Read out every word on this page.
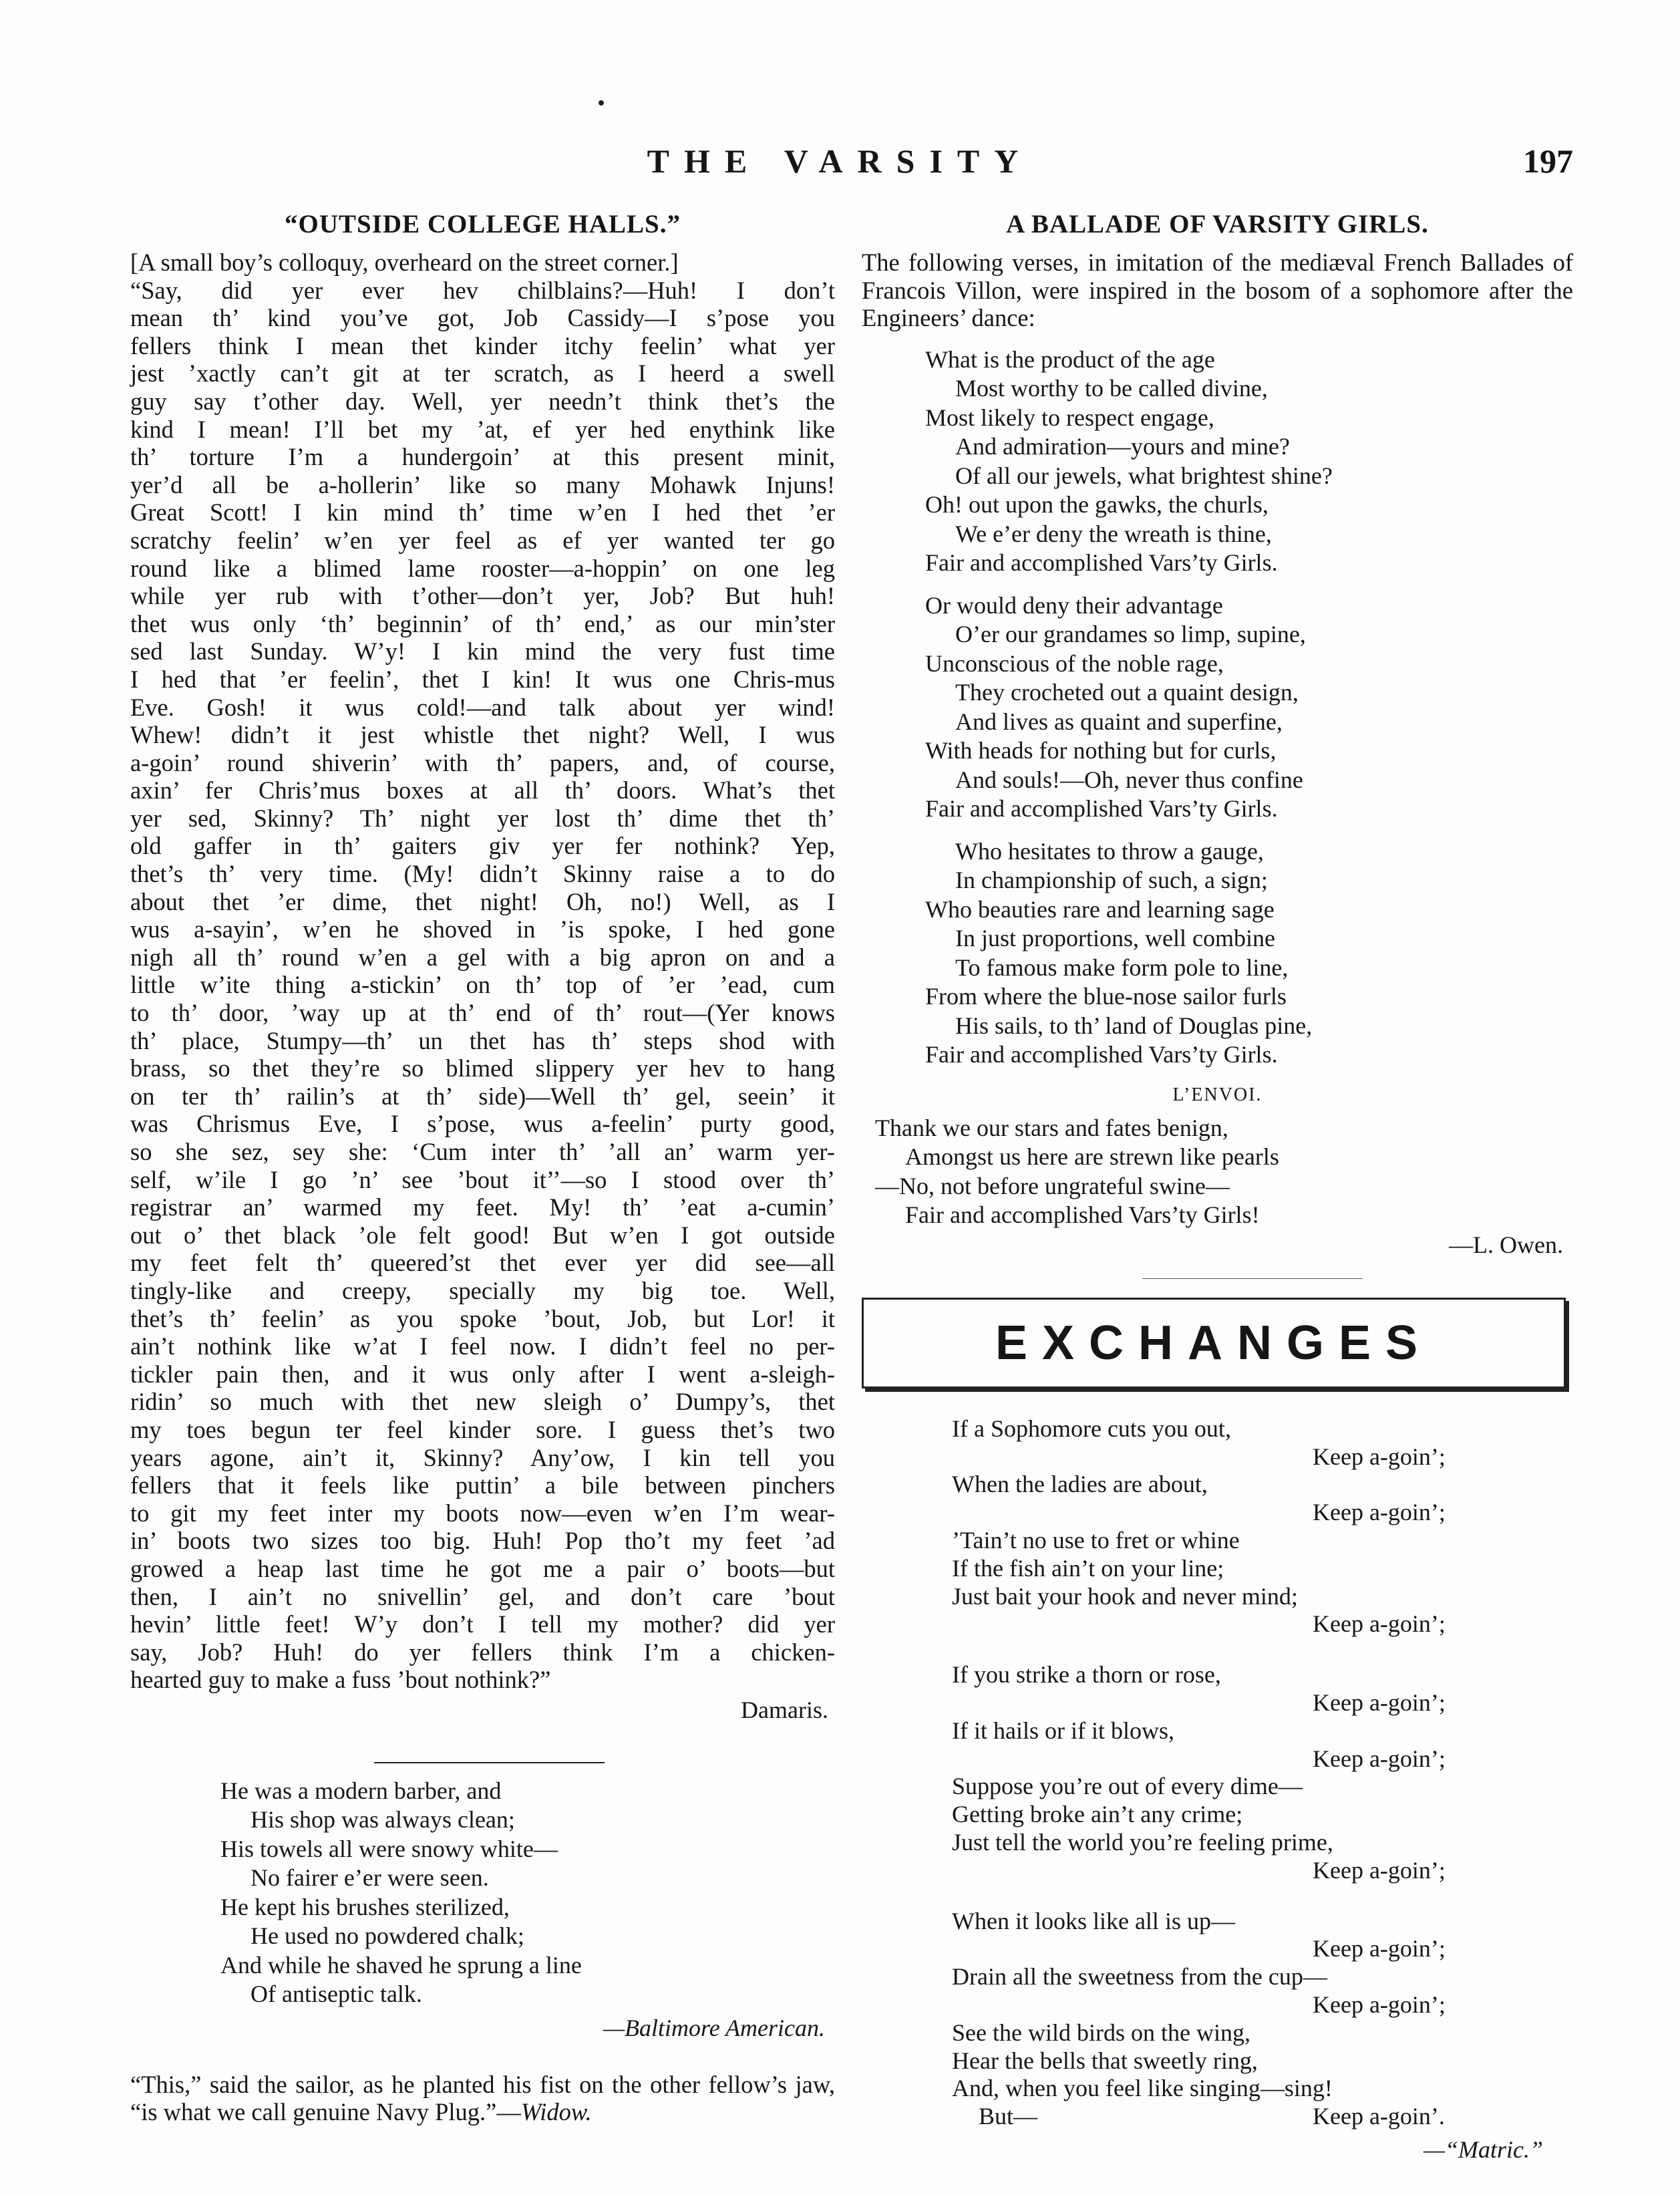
THE VARSITY	197
“OUTSIDE COLLEGE HALLS.”
[A small boy’s colloquy, overheard on the street corner.]
“Say, did yer ever hev chilblains?—Huh! I don’t
mean th’ kind you’ve got, Job Cassidy—I s’pose you
fellers think I mean thet kinder itchy feelin’ what yer
jest ’xactly can’t git at ter scratch, as I heerd a swell
guy say t’other day. Well, yer needn’t think thet’s the
kind I mean! I’ll bet my ’at, ef yer hed enythink like
th’ torture I’m a hundergoin’ at this present minit,
yer’d all be a-hollerin’ like so many Mohawk Injuns!
Great Scott! I kin mind th’ time w’en I hed thet ’er
scratchy feelin’ w’en yer feel as ef yer wanted ter go
round like a blimed lame rooster—a-hoppin’ on one leg
while yer rub with t’other—don’t yer, Job? But huh!
thet wus only ‘th’ beginnin’ of th’ end,’ as our min’ster
sed last Sunday. W’y! I kin mind the very fust time
I hed that ’er feelin’, thet I kin! It wus one Chris-mus
Eve. Gosh! it wus cold!—and talk about yer wind!
Whew! didn’t it jest whistle thet night? Well, I wus
a-goin’ round shiverin’ with th’ papers, and, of course,
axin’ fer Chris’mus boxes at all th’ doors. What’s thet
yer sed, Skinny? Th’ night yer lost th’ dime thet th’
old gaffer in th’ gaiters giv yer fer nothink? Yep,
thet’s th’ very time. (My! didn’t Skinny raise a to do
about thet ’er dime, thet night! Oh, no!) Well, as I
wus a-sayin’, w’en he shoved in ’is spoke, I hed gone
nigh all th’ round w’en a gel with a big apron on and a
little w’ite thing a-stickin’ on th’ top of ’er ’ead, cum
to th’ door, ’way up at th’ end of th’ rout—(Yer knows
th’ place, Stumpy—th’ un thet has th’ steps shod with
brass, so thet they’re so blimed slippery yer hev to hang
on ter th’ railin’s at th’ side)—Well th’ gel, seein’ it
was Chrismus Eve, I s’pose, wus a-feelin’ purty good,
so she sez, sey she: ‘Cum inter th’ ’all an’ warm yer-
self, w’ile I go ’n’ see ’bout it’’—so I stood over th’
registrar an’ warmed my feet. My! th’ ’eat a-cumin’
out o’ thet black ’ole felt good! But w’en I got outside
my feet felt th’ queered’st thet ever yer did see—all
tingly-like and creepy, specially my big toe. Well,
thet’s th’ feelin’ as you spoke ’bout, Job, but Lor! it
ain’t nothink like w’at I feel now. I didn’t feel no per-
tickler pain then, and it wus only after I went a-sleigh-
ridin’ so much with thet new sleigh o’ Dumpy’s, thet
my toes begun ter feel kinder sore. I guess thet’s two
years agone, ain’t it, Skinny? Any’ow, I kin tell you
fellers that it feels like puttin’ a bile between pinchers
to git my feet inter my boots now—even w’en I’m wear-
in’ boots two sizes too big. Huh! Pop tho’t my feet ’ad
growed a heap last time he got me a pair o’ boots—but
then, I ain’t no snivellin’ gel, and don’t care ’bout
hevin’ little feet! W’y don’t I tell my mother? did yer
say, Job? Huh! do yer fellers think I’m a chicken-
hearted guy to make a fuss ’bout nothink?”
Damaris.
He was a modern barber, and
His shop was always clean;
His towels all were snowy white—
No fairer e’er were seen.
He kept his brushes sterilized,
He used no powdered chalk;
And while he shaved he sprung a line
Of antiseptic talk.
—Baltimore American.
“This,” said the sailor, as he planted his fist on the other fellow’s jaw, “is what we call genuine Navy Plug.”—Widow.
A BALLADE OF VARSITY GIRLS.

The following verses, in imitation of the mediæval French Ballades of Francois Villon, were inspired in the bosom of a sophomore after the Engineers’ dance:

What is the product of the age
Most worthy to be called divine,
Most likely to respect engage,
And admiration—yours and mine?
Of all our jewels, what brightest shine?
Oh! out upon the gawks, the churls,
We e’er deny the wreath is thine,
Fair and accomplished Vars’ty Girls.
Or would deny their advantage
O’er our grandames so limp, supine,
Unconscious of the noble rage,
They crocheted out a quaint design,
And lives as quaint and superfine,
With heads for nothing but for curls,
And souls!—Oh, never thus confine
Fair and accomplished Vars’ty Girls.
Who hesitates to throw a gauge,
In championship of such, a sign;
Who beauties rare and learning sage
In just proportions, well combine
To famous make form pole to line,
From where the blue-nose sailor furls
His sails, to th’ land of Douglas pine,
Fair and accomplished Vars’ty Girls.
L’ENVOI.
Thank we our stars and fates benign,
Amongst us here are strewn like pearls
—No, not before ungrateful swine—
Fair and accomplished Vars’ty Girls!
—L. Owen.
EXCHANGES
If a Sophomore cuts you out,
Keep a-goin’;
When the ladies are about,
Keep a-goin’;
’Tain’t no use to fret or whine
If the fish ain’t on your line;
Just bait your hook and never mind;
Keep a-goin’;
If you strike a thorn or rose,
Keep a-goin’;
If it hails or if it blows,
Keep a-goin’;
Suppose you’re out of every dime—
Getting broke ain’t any crime;
Just tell the world you’re feeling prime,
Keep a-goin’;
When it looks like all is up—
Keep a-goin’;
Drain all the sweetness from the cup—
Keep a-goin’;
See the wild birds on the wing,
Hear the bells that sweetly ring,
And, when you feel like singing—sing!
Keep a-goin’.
But—
—“Matric.”
